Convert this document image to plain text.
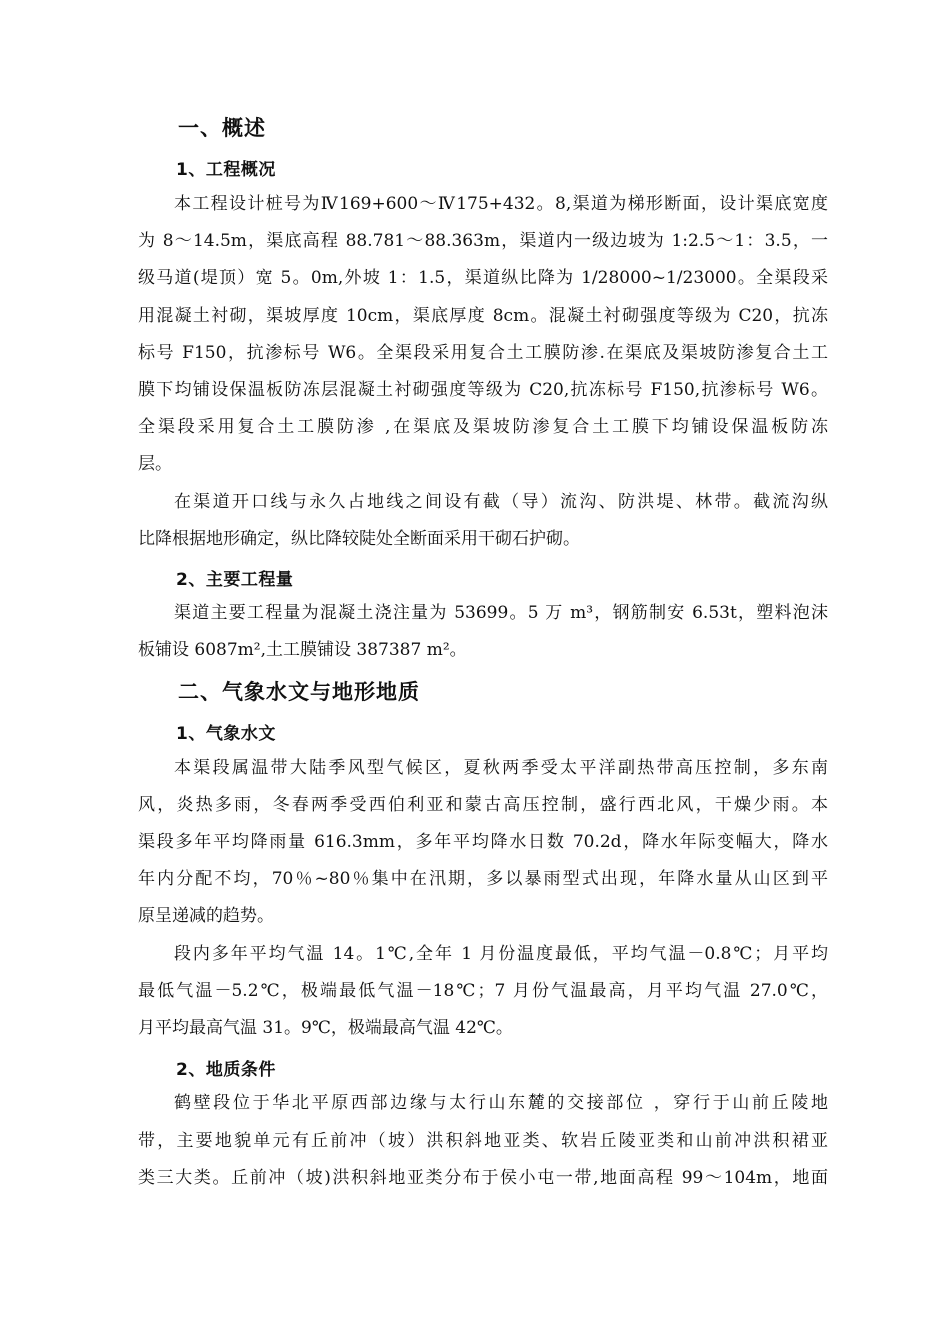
一、概述
1、工程概况
本工程设计桩号为Ⅳ169+600～Ⅳ175+432。8,渠道为梯形断面，设计渠底宽度
为 8～14.5m，渠底高程 88.781～88.363m，渠道内一级边坡为 1:2.5～1：3.5，一
级马道(堤顶）宽 5。0m,外坡 1：1.5，渠道纵比降为 1/28000~1/23000。全渠段采
用混凝土衬砌，渠坡厚度 10cm，渠底厚度 8cm。混凝土衬砌强度等级为 C20，抗冻
标号 F150，抗渗标号 W6。全渠段采用复合土工膜防渗.在渠底及渠坡防渗复合土工
膜下均铺设保温板防冻层混凝土衬砌强度等级为 C20,抗冻标号 F150,抗渗标号 W6。
全渠段采用复合土工膜防渗 ,在渠底及渠坡防渗复合土工膜下均铺设保温板防冻
层。
在渠道开口线与永久占地线之间设有截（导）流沟、防洪堤、林带。截流沟纵
比降根据地形确定，纵比降较陡处全断面采用干砌石护砌。
2、主要工程量
渠道主要工程量为混凝土浇注量为 53699。5 万 m³，钢筋制安 6.53t，塑料泡沫
板铺设 6087m²,土工膜铺设 387387 m²。
二、气象水文与地形地质
1、气象水文
本渠段属温带大陆季风型气候区，夏秋两季受太平洋副热带高压控制，多东南
风，炎热多雨，冬春两季受西伯利亚和蒙古高压控制，盛行西北风，干燥少雨。本
渠段多年平均降雨量 616.3mm，多年平均降水日数 70.2d，降水年际变幅大，降水
年内分配不均，70％~80％集中在汛期，多以暴雨型式出现，年降水量从山区到平
原呈递减的趋势。
段内多年平均气温 14。1℃,全年 1 月份温度最低，平均气温－0.8℃；月平均
最低气温－5.2℃，极端最低气温－18℃；7 月份气温最高，月平均气温 27.0℃，
月平均最高气温 31。9℃，极端最高气温 42℃。
2、地质条件
鹤壁段位于华北平原西部边缘与太行山东麓的交接部位 ，穿行于山前丘陵地
带，主要地貌单元有丘前冲（坡）洪积斜地亚类、软岩丘陵亚类和山前冲洪积裙亚
类三大类。丘前冲（坡)洪积斜地亚类分布于侯小屯一带,地面高程 99～104m，地面
